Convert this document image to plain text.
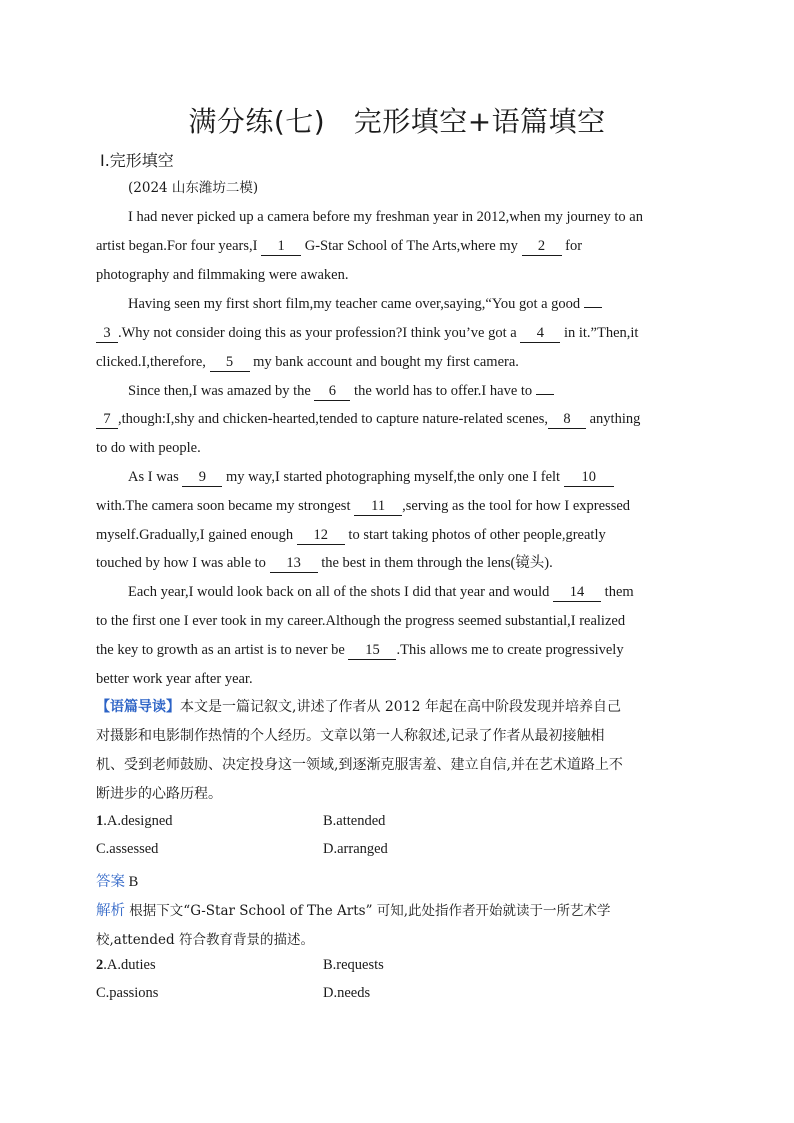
满分练(七)　完形填空+语篇填空
Ⅰ.完形填空
(2024 山东潍坊二模)
I had never picked up a camera before my freshman year in 2012,when my journey to an
artist began.For four years,I 1 G-Star School of The Arts,where my 2 for
photography and filmmaking were awaken.
Having seen my first short film,my teacher came over,saying,“You got a good
3 .Why not consider doing this as your profession?I think you’ve got a 4 in it.”Then,it
clicked.I,therefore, 5 my bank account and bought my first camera.
Since then,I was amazed by the 6 the world has to offer.I have to
7 ,though:I,shy and chicken-hearted,tended to capture nature-related scenes, 8 anything
to do with people.
As I was 9 my way,I started photographing myself,the only one I felt 10
with.The camera soon became my strongest 11 ,serving as the tool for how I expressed
myself.Gradually,I gained enough 12 to start taking photos of other people,greatly
touched by how I was able to 13 the best in them through the lens(镜头).
Each year,I would look back on all of the shots I did that year and would 14 them
to the first one I ever took in my career.Although the progress seemed substantial,I realized
the key to growth as an artist is to never be 15 .This allows me to create progressively
better work year after year.
【语篇导读】本文是一篇记叙文,讲述了作者从 2012 年起在高中阶段发现并培养自己
对摄影和电影制作热情的个人经历。文章以第一人称叙述,记录了作者从最初接触相
机、受到老师鼓励、决定投身这一领域,到逐渐克服害羞、建立自信,并在艺术道路上不
断进步的心路历程。
1.A.designed	B.attended
C.assessed	D.arranged
答案 B
解析 根据下文“G-Star School of The Arts” 可知,此处指作者开始就读于一所艺术学
校,attended 符合教育背景的描述。
2.A.duties	B.requests
C.passions	D.needs
